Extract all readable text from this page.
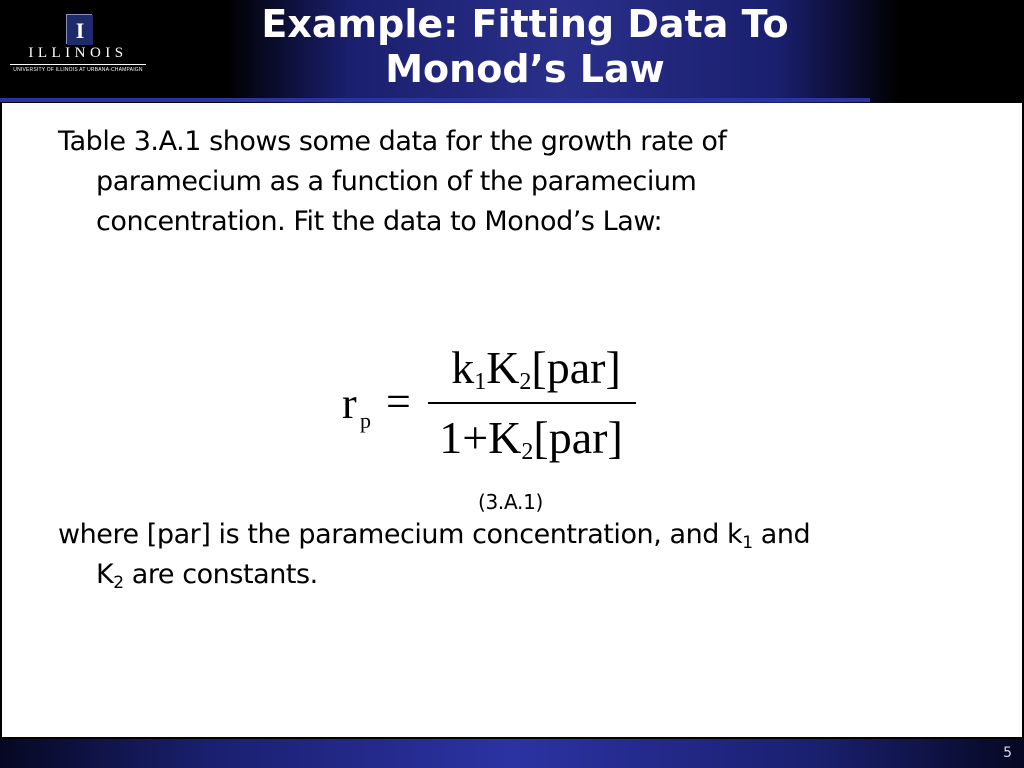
I
ILLINOIS
UNIVERSITY OF ILLINOIS AT URBANA-CHAMPAIGN
Example: Fitting Data To
Monod’s Law
Table 3.A.1 shows some data for the growth rate of
paramecium as a function of the paramecium
concentration. Fit the data to Monod’s Law:
r p =
k1K2[par]
1+K2[par]
(3.A.1)
where [par] is the paramecium concentration, and $k_1$ and
$K_2$ are constants.
5
